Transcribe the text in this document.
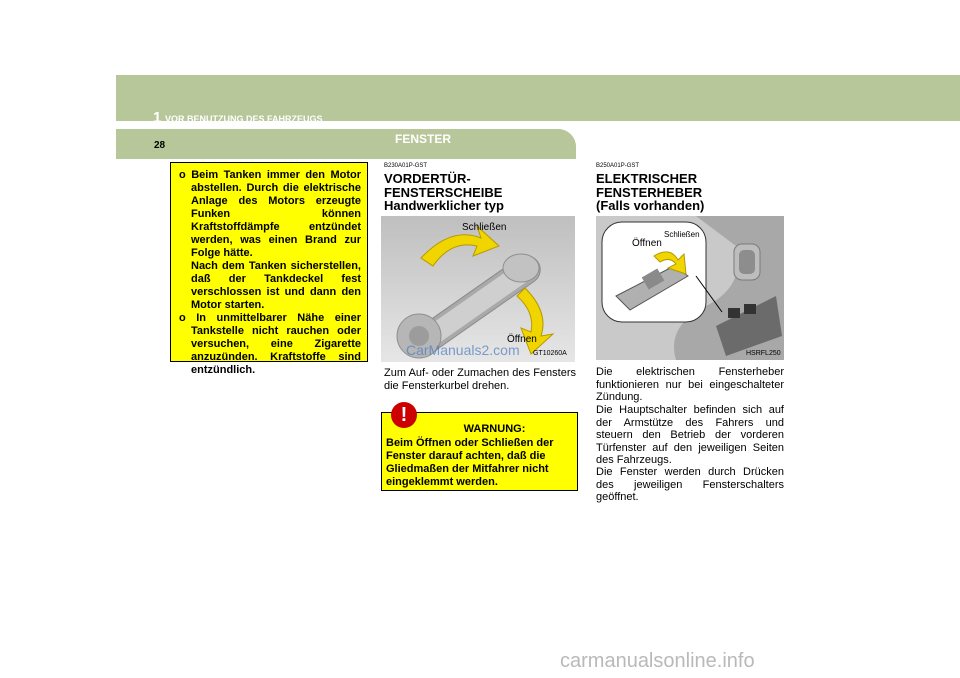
1 VOR BENUTZUNG DES FAHRZEUGS
28	FENSTER

o Beim Tanken immer den Motor abstellen. Durch die elektrische Anlage des Motors erzeugte Funken können Kraftstoffdämpfe entzündet werden, was einen Brand zur Folge hätte.

Nach dem Tanken sicherstellen, daß der Tankdeckel fest verschlossen ist und dann den Motor starten.

o In unmittelbarer Nähe einer Tankstelle nicht rauchen oder versuchen, eine Zigarette anzuzünden. Kraftstoffe sind entzündlich.

B230A01P-GST
VORDERTÜR-
FENSTERSCHEIBE
Handwerklicher typ
Schließen
Öffnen
GT10260A
CarManuals2.com
Zum Auf- oder Zumachen des Fensters die Fensterkurbel drehen.
WARNUNG:
Beim Öffnen oder Schließen der Fenster darauf achten, daß die Gliedmaßen der Mitfahrer nicht eingeklemmt werden.
!
B250A01P-GST
ELEKTRISCHER
FENSTERHEBER
(Falls vorhanden)
Öffnen
Schließen
HSRFL250
Die elektrischen Fensterheber funktionieren nur bei eingeschalteter Zündung.
Die Hauptschalter befinden sich auf der Armstütze des Fahrers und steuern den Betrieb der vorderen Türfenster auf den jeweiligen Seiten des Fahrzeugs.
Die Fenster werden durch Drücken des jeweiligen Fensterschalters geöffnet.
carmanualsonline.info
